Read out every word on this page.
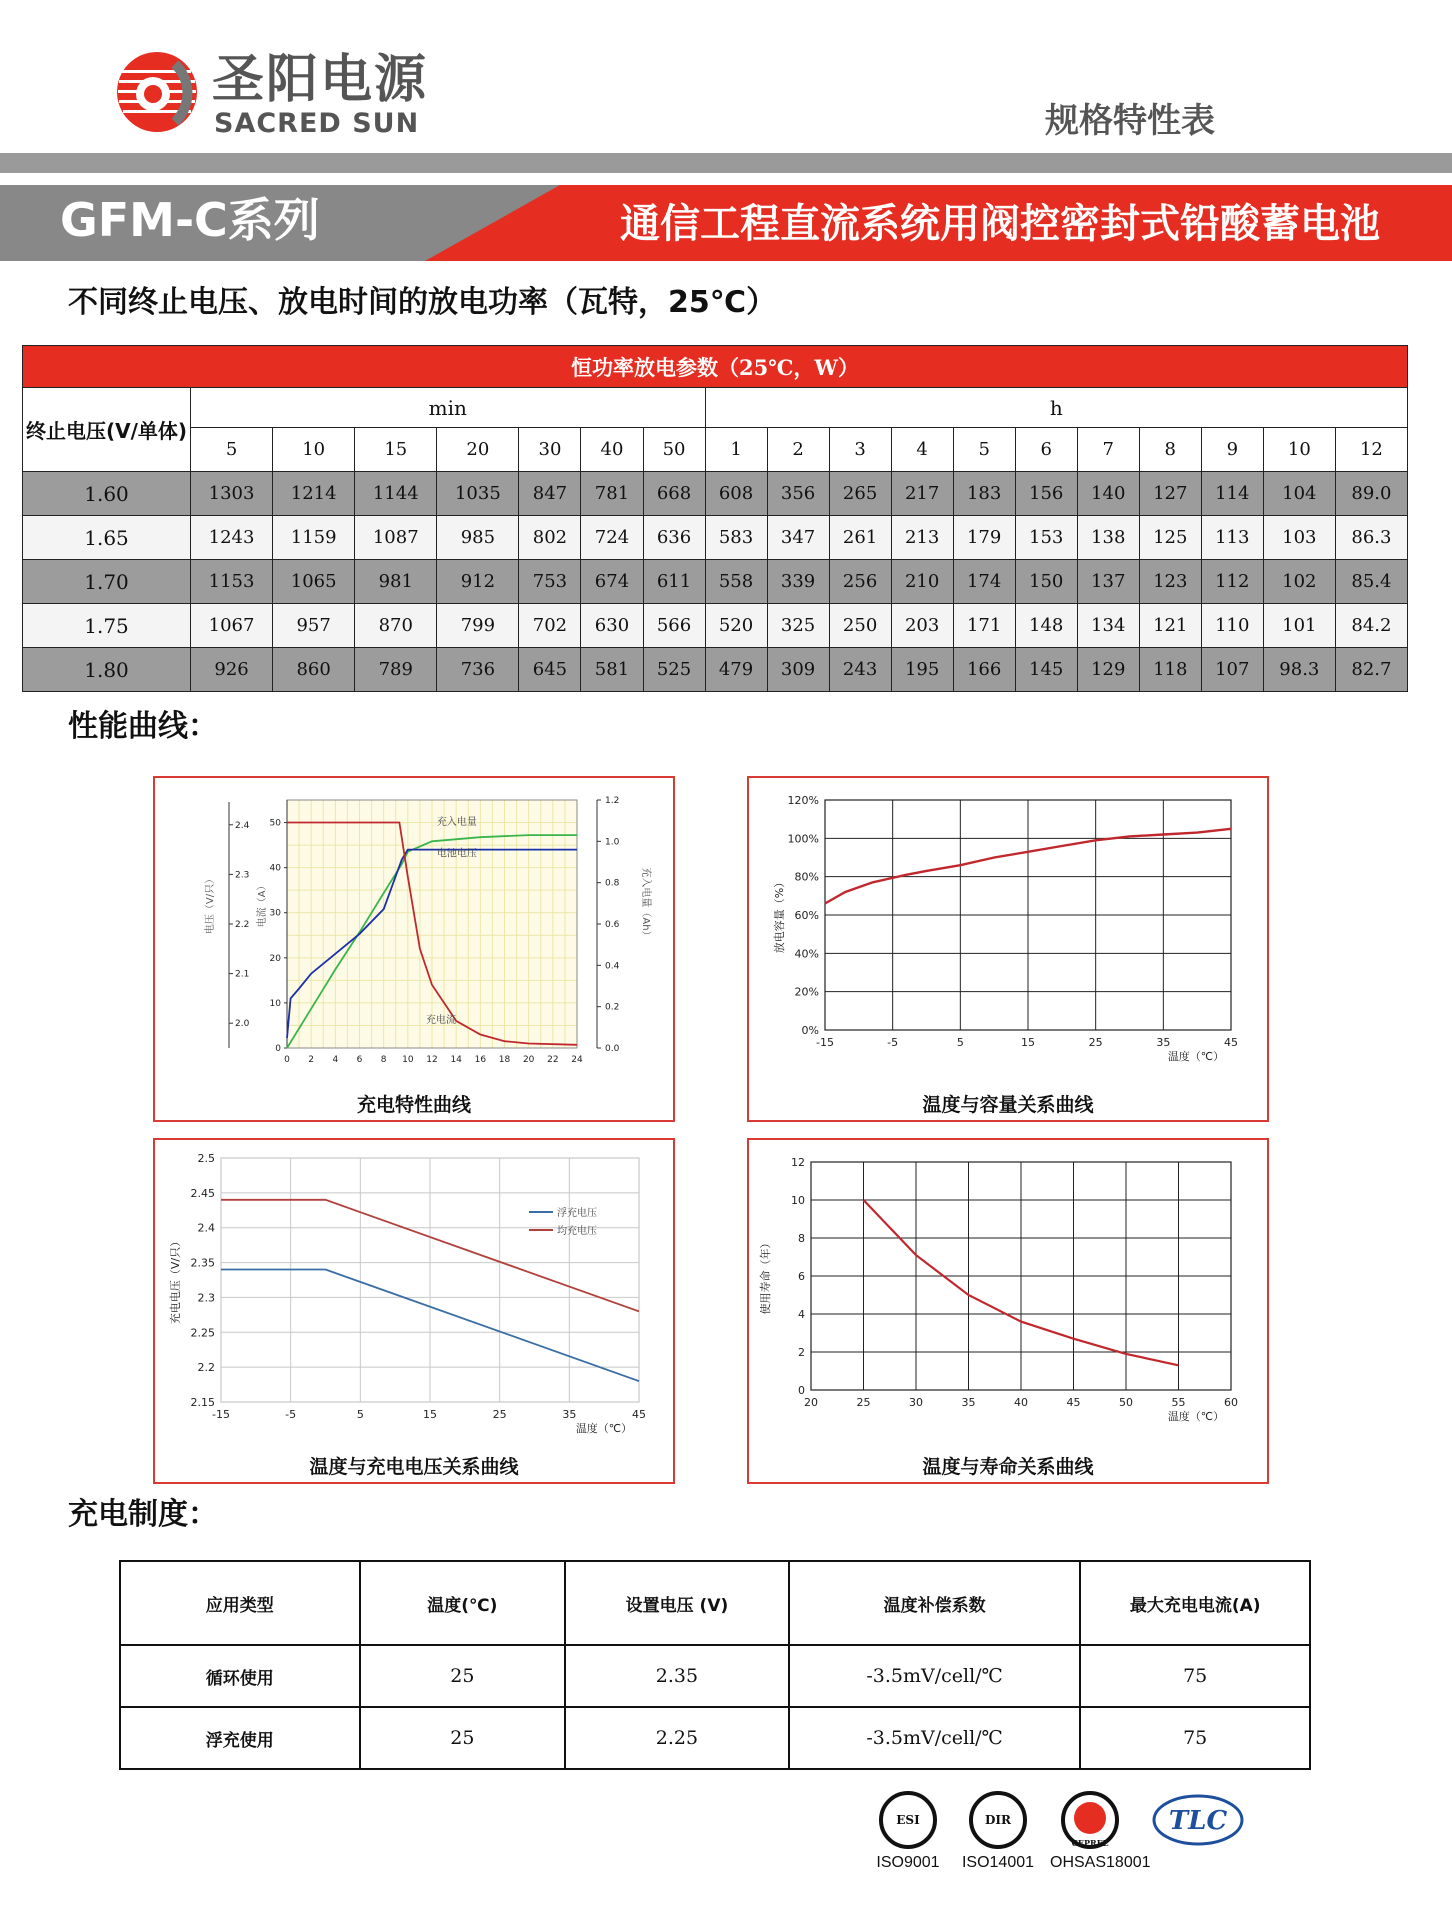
圣阳电源
SACRED SUN	规格特性表
GFM-C系列	通信工程直流系统用阀控密封式铅酸蓄电池
不同终止电压、放电时间的放电功率（瓦特，25℃）
恒功率放电参数（25℃，W）																		
终止电压(V/单体)	min							h										
	5	10	15	20	30	40	50	1	2	3	4	5	6	7	8	9	10	12
1.60	1303	1214	1144	1035	847	781	668	608	356	265	217	183	156	140	127	114	104	89.0
1.65	1243	1159	1087	985	802	724	636	583	347	261	213	179	153	138	125	113	103	86.3
1.70	1153	1065	981	912	753	674	611	558	339	256	210	174	150	137	123	112	102	85.4
1.75	1067	957	870	799	702	630	566	520	325	250	203	171	148	134	121	110	101	84.2
1.80	926	860	789	736	645	581	525	479	309	243	195	166	145	129	118	107	98.3	82.7
性能曲线：
0 2 4 6 8 10 12 14 16 18 20 22 24
0
10
20
30
40
50
2.0
2.1
2.2
2.3
2.4
0.0
0.2
0.4
0.6
0.8
1.0
1.2
电压（V/只）	电流（A）	充入电量（Ah）
充入电量
电池电压
充电流
充电特性曲线
-15	-5	5	15	25	35	45
0%
20%
40%
60%
80%
100%
120%
温度（℃）
放电容量（%）
温度与容量关系曲线
-15	-5	5	15	25	35	45
2.15
2.2
2.25
2.3
2.35
2.4
2.45
2.5
温度（℃）
充电电压（V/只）
浮充电压
均充电压
温度与充电电压关系曲线
20	25	30	35	40	45	50	55	60
0
2
4
6
8
10
12
温度（℃）
使用寿命（年）
温度与寿命关系曲线
充电制度：
应用类型	温度(℃)	设置电压 (V)	温度补偿系数	最大充电电流(A)
循环使用	25	2.35	-3.5mV/cell/℃	75
浮充使用	25	2.25	-3.5mV/cell/℃	75
ESI
ISO9001
DIR
ISO14001
CEPREL
OHSAS18001
TLC
